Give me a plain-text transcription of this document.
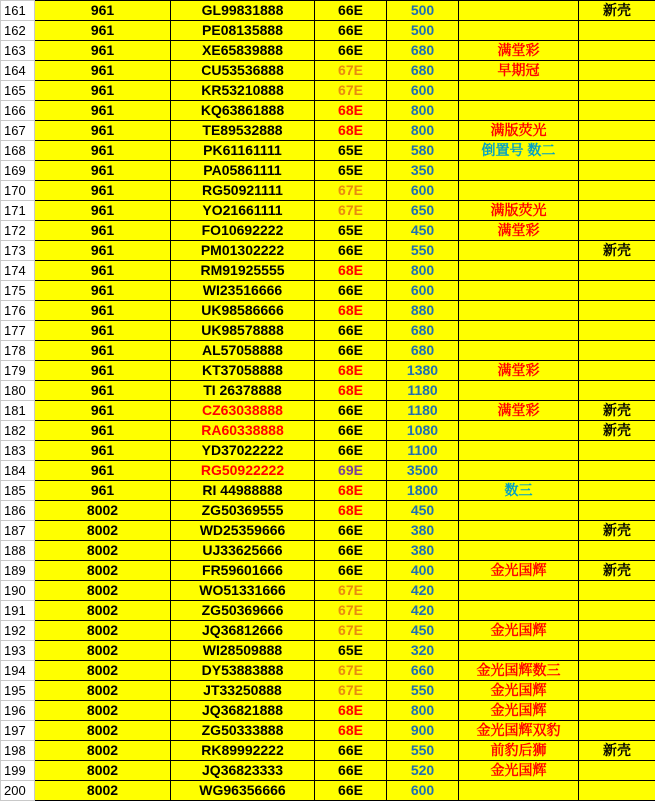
161	961	GL99831888	66E	500		新壳
162	961	PE08135888	66E	500		
163	961	XE65839888	66E	680	满堂彩	
164	961	CU53536888	67E	680	早期冠	
165	961	KR53210888	67E	600		
166	961	KQ63861888	68E	800		
167	961	TE89532888	68E	800	满版荧光	
168	961	PK61161111	65E	580	倒置号 数二	
169	961	PA05861111	65E	350		
170	961	RG50921111	67E	600		
171	961	YO21661111	67E	650	满版荧光	
172	961	FO10692222	65E	450	满堂彩	
173	961	PM01302222	66E	550		新壳
174	961	RM91925555	68E	800		
175	961	WI23516666	66E	600		
176	961	UK98586666	68E	880		
177	961	UK98578888	66E	680		
178	961	AL57058888	66E	680		
179	961	KT37058888	68E	1380	满堂彩	
180	961	TI 26378888	68E	1180		
181	961	CZ63038888	66E	1180	满堂彩	新壳
182	961	RA60338888	66E	1080		新壳
183	961	YD37022222	66E	1100		
184	961	RG50922222	69E	3500		
185	961	RI 44988888	68E	1800	数三	
186	8002	ZG50369555	68E	450		
187	8002	WD25359666	66E	380		新壳
188	8002	UJ33625666	66E	380		
189	8002	FR59601666	66E	400	金光国辉	新壳
190	8002	WO51331666	67E	420		
191	8002	ZG50369666	67E	420		
192	8002	JQ36812666	67E	450	金光国辉	
193	8002	WI28509888	65E	320		
194	8002	DY53883888	67E	660	金光国辉数三	
195	8002	JT33250888	67E	550	金光国辉	
196	8002	JQ36821888	68E	800	金光国辉	
197	8002	ZG50333888	68E	900	金光国辉双豹	
198	8002	RK89992222	66E	550	前豹后狮	新壳
199	8002	JQ36823333	66E	520	金光国辉	
200	8002	WG96356666	66E	600		
